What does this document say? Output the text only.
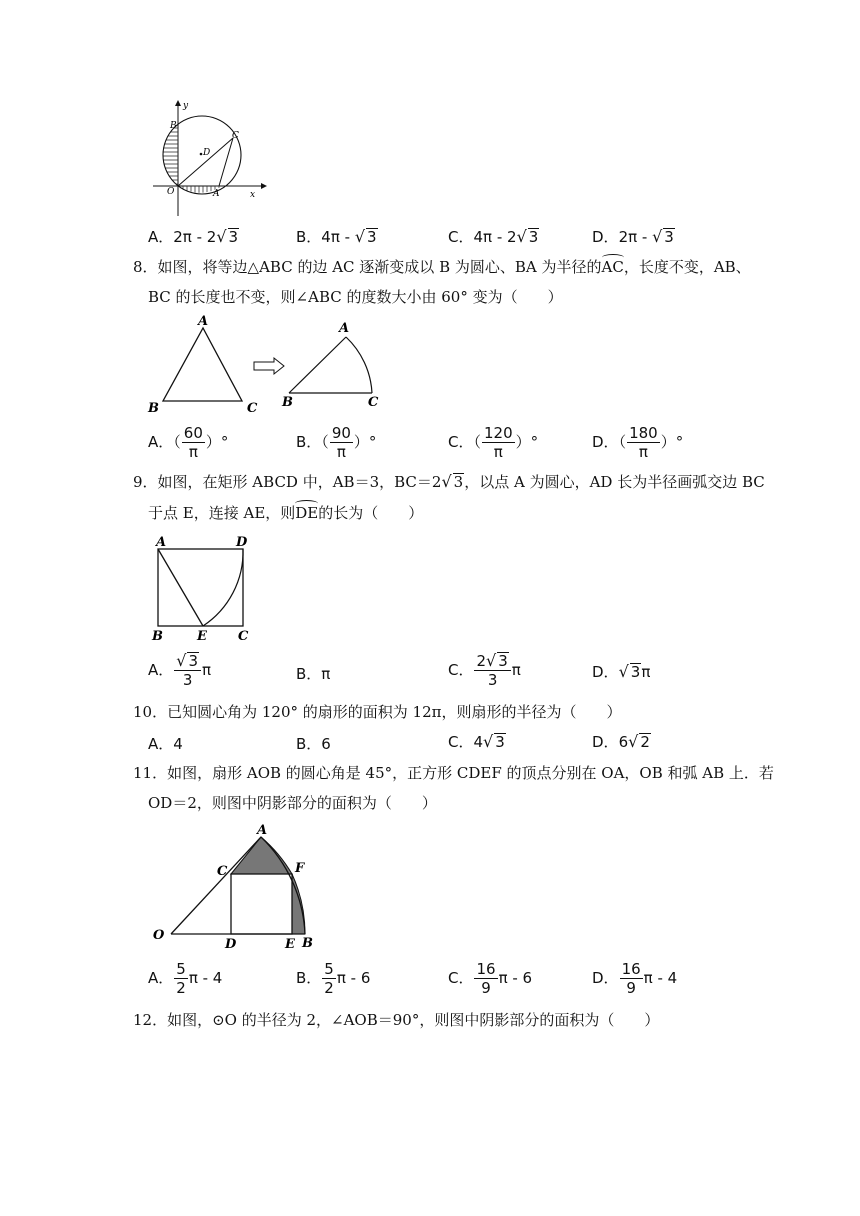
y
x
B
C
D
O	A
A．2π - 2√ 3	B．4π - √ 3	C．4π - 2√ 3	D．2π - √ 3
8．如图，将等边△ABC 的边 AC 逐渐变成以 B 为圆心、BA 为半径的AC，长度不变，AB、
BC 的长度也不变，则∠ABC 的度数大小由 60° 变为（　　）
A
B	C
A
B	C
A．（ $\frac{60}{\pi}$ ）°	B．（ $\frac{90}{\pi}$ ）°	C．（ $\frac{120}{\pi}$ ）°	D．（ $\frac{180}{\pi}$ ）°
9．如图，在矩形 ABCD 中，AB＝3，BC＝2√ 3，以点 A 为圆心，AD 长为半径画弧交边 BC
于点 E，连接 AE，则DE的长为（　　）
A	D
B	E C
A． $\frac{√ 3}{3}$ π	B．π	C． $\frac{2√ 3}{3}$ π	D．√ 3π
10．已知圆心角为 120° 的扇形的面积为 12π，则扇形的半径为（　　）
A．4	B．6	C．4√ 3	D．6√ 2
11．如图，扇形 AOB 的圆心角是 45°，正方形 CDEF 的顶点分别在 OA，OB 和弧 AB 上．若
OD＝2，则图中阴影部分的面积为（　　）
A
C	F
O
D	E B
A． $\frac{5}{2}$ π - 4	B． $\frac{5}{2}$ π - 6	C． $\frac{16}{9}$ π - 6	D． $\frac{16}{9}$ π - 4
12．如图，⊙O 的半径为 2，∠AOB＝90°，则图中阴影部分的面积为（　　）
